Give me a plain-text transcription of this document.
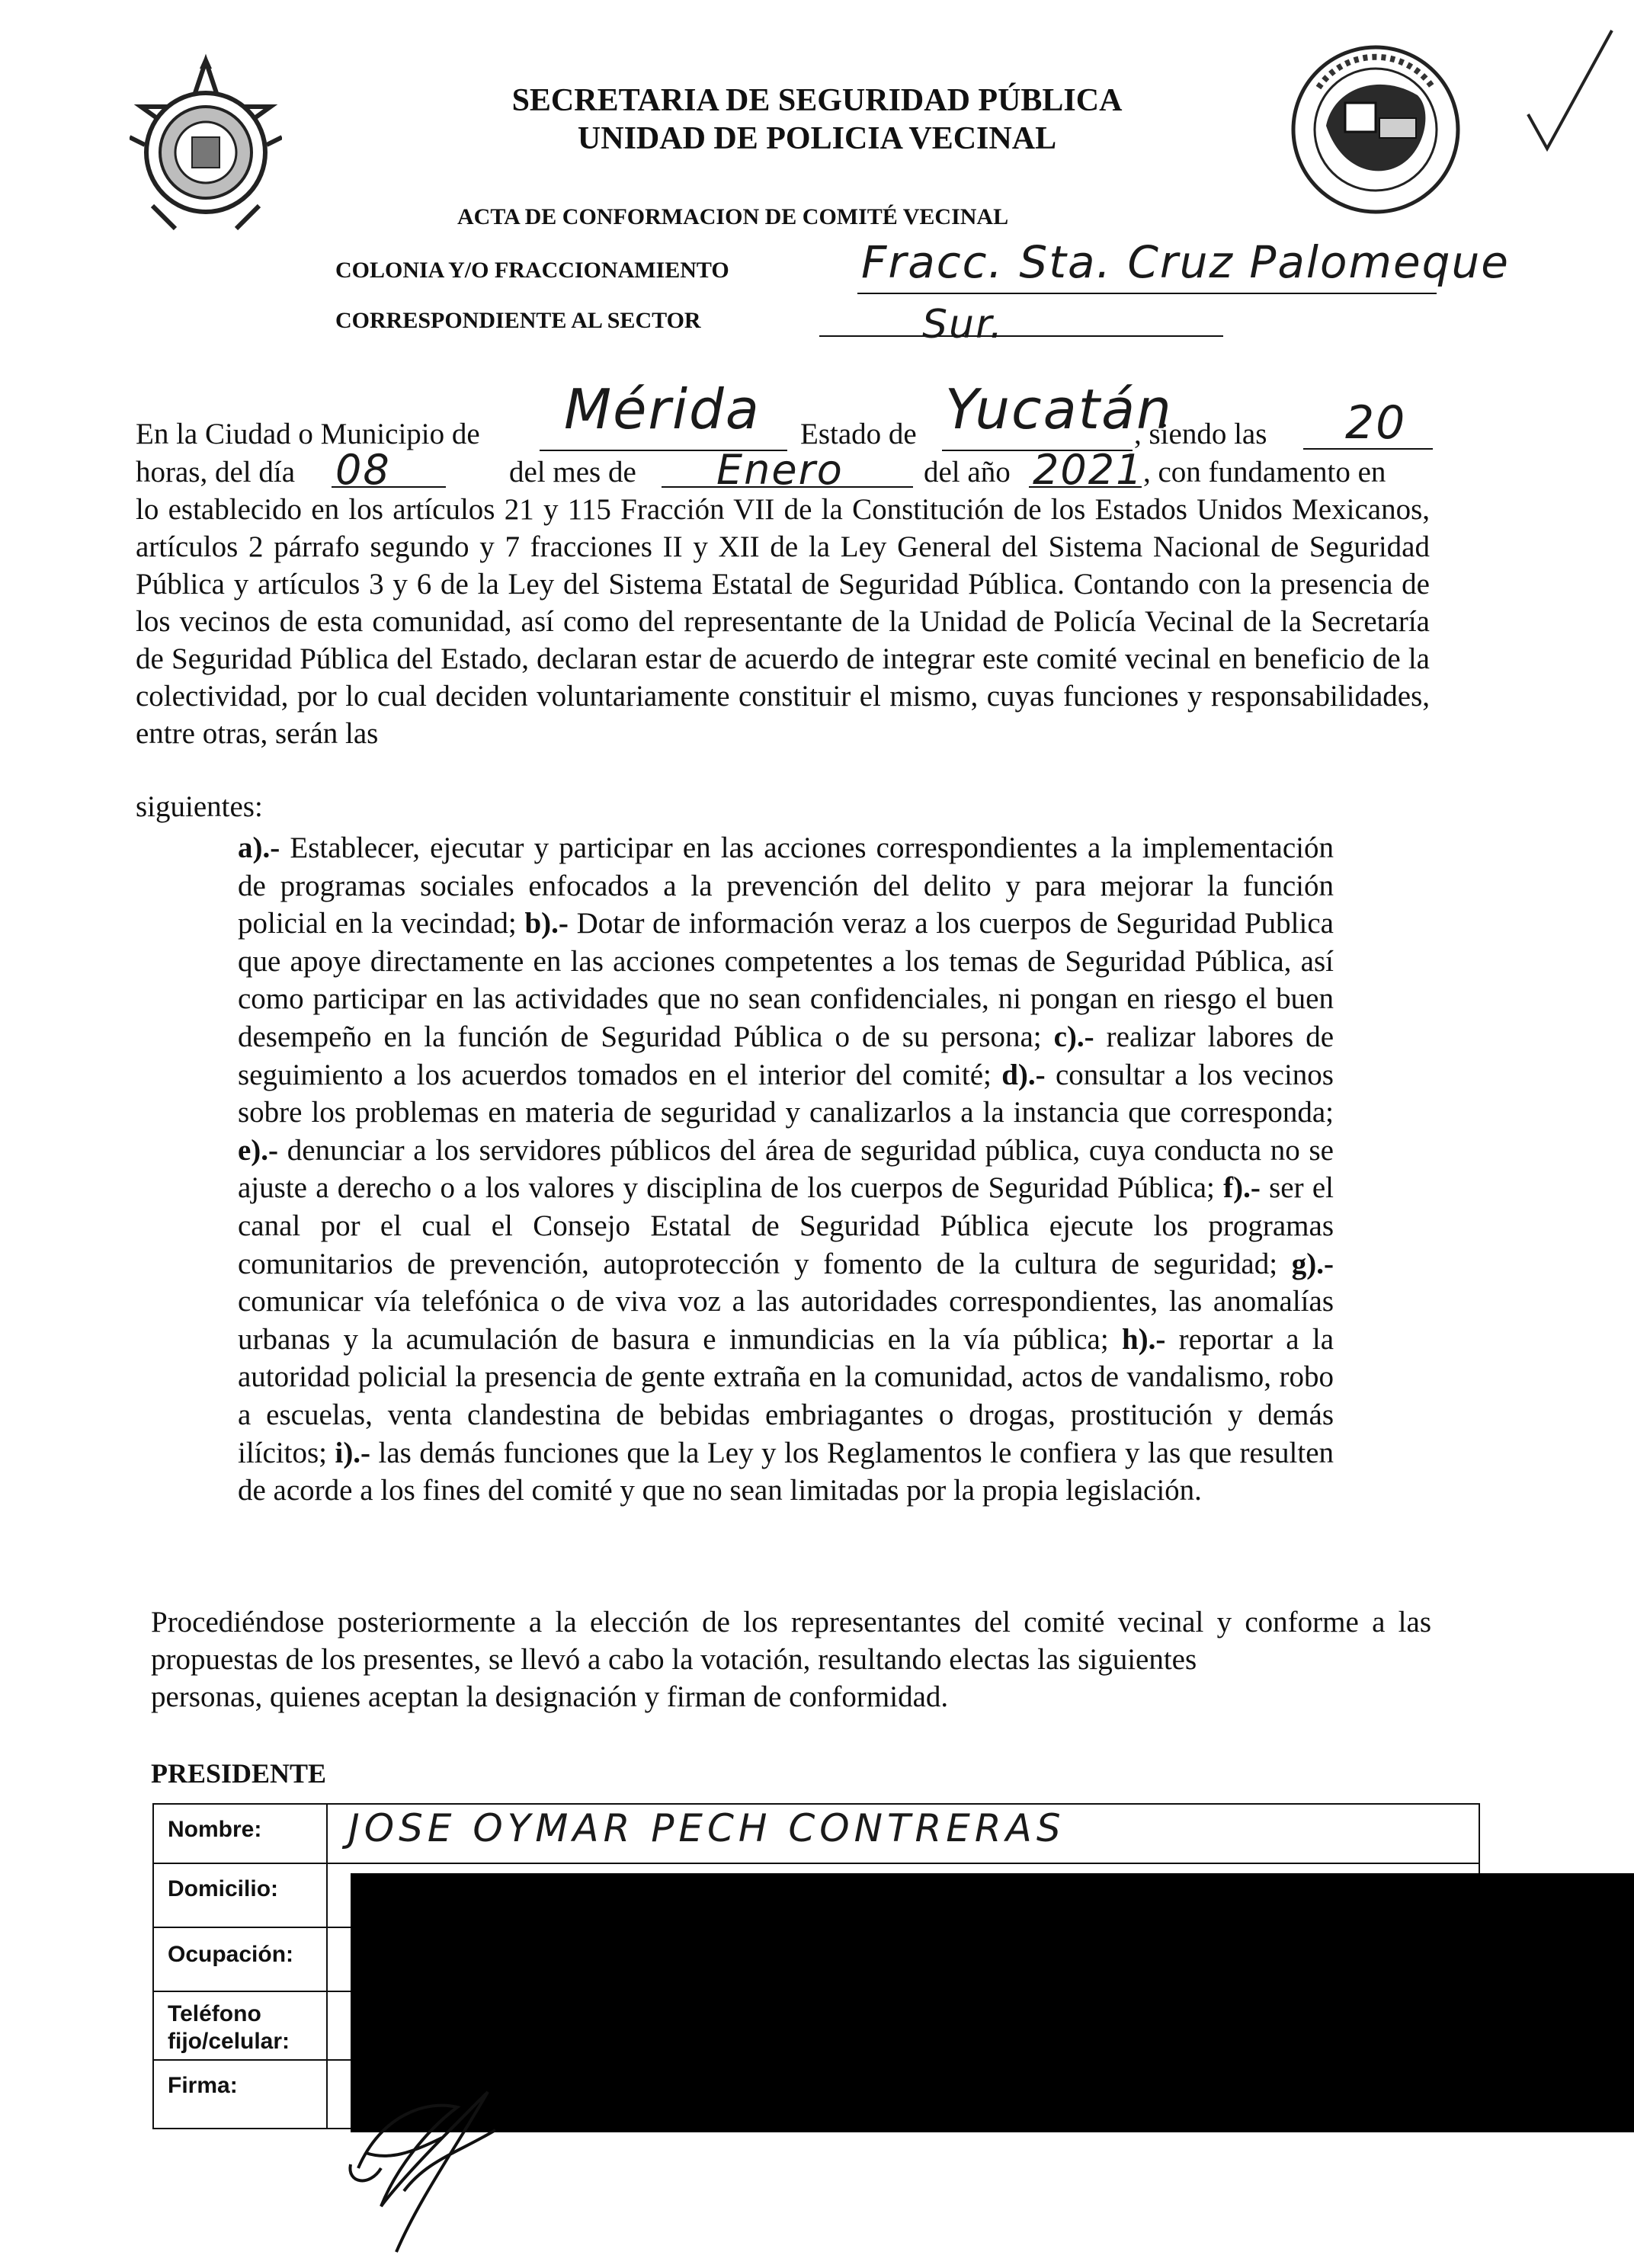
SECRETARIA DE SEGURIDAD PÚBLICA
UNIDAD DE POLICIA VECINAL
ACTA DE CONFORMACION DE COMITÉ VECINAL
COLONIA Y/O FRACCIONAMIENTO	Fracc. Sta. Cruz Palomeque
CORRESPONDIENTE AL SECTOR	Sur.
En la Ciudad o Municipio de	Mérida Estado de Yucatán
, siendo las 20
horas, del día 08	del mes de Enero	del año 2021 , con fundamento en
lo establecido en los artículos 21 y 115 Fracción VII de la Constitución de los Estados Unidos Mexicanos, artículos 2 párrafo segundo y 7 fracciones II y XII de la Ley General del Sistema Nacional de Seguridad Pública y artículos 3 y 6 de la Ley del Sistema Estatal de Seguridad Pública. Contando con la presencia de los vecinos de esta comunidad, así como del representante de la Unidad de Policía Vecinal de la Secretaría de Seguridad Pública del Estado, declaran estar de acuerdo de integrar este comité vecinal en beneficio de la colectividad, por lo cual deciden voluntariamente constituir el mismo, cuyas funciones y responsabilidades, entre otras, serán las
siguientes:
a).- Establecer, ejecutar y participar en las acciones correspondientes a la implementación de programas sociales enfocados a la prevención del delito y para mejorar la función policial en la vecindad; b).- Dotar de información veraz a los cuerpos de Seguridad Publica que apoye directamente en las acciones competentes a los temas de Seguridad Pública, así como participar en las actividades que no sean confidenciales, ni pongan en riesgo el buen desempeño en la función de Seguridad Pública o de su persona; c).- realizar labores de seguimiento a los acuerdos tomados en el interior del comité; d).- consultar a los vecinos sobre los problemas en materia de seguridad y canalizarlos a la instancia que corresponda; e).- denunciar a los servidores públicos del área de seguridad pública, cuya conducta no se ajuste a derecho o a los valores y disciplina de los cuerpos de Seguridad Pública; f).- ser el canal por el cual el Consejo Estatal de Seguridad Pública ejecute los programas comunitarios de prevención, autoprotección y fomento de la cultura de seguridad; g).- comunicar vía telefónica o de viva voz a las autoridades correspondientes, las anomalías urbanas y la acumulación de basura e inmundicias en la vía pública; h).- reportar a la autoridad policial la presencia de gente extraña en la comunidad, actos de vandalismo, robo a escuelas, venta clandestina de bebidas embriagantes o drogas, prostitución y demás ilícitos; i).- las demás funciones que la Ley y los Reglamentos le confiera y las que resulten de acorde a los fines del comité y que no sean limitadas por la propia legislación.
Procediéndose posteriormente a la elección de los representantes del comité vecinal y conforme a las propuestas de los presentes, se llevó a cabo la votación, resultando electas las siguientes
personas, quienes aceptan la designación y firman de conformidad.
PRESIDENTE
Nombre: JOSE OYMAR PECH CONTRERAS
Domicilio:
Ocupación:
Teléfono
fijo/celular:
Firma:
